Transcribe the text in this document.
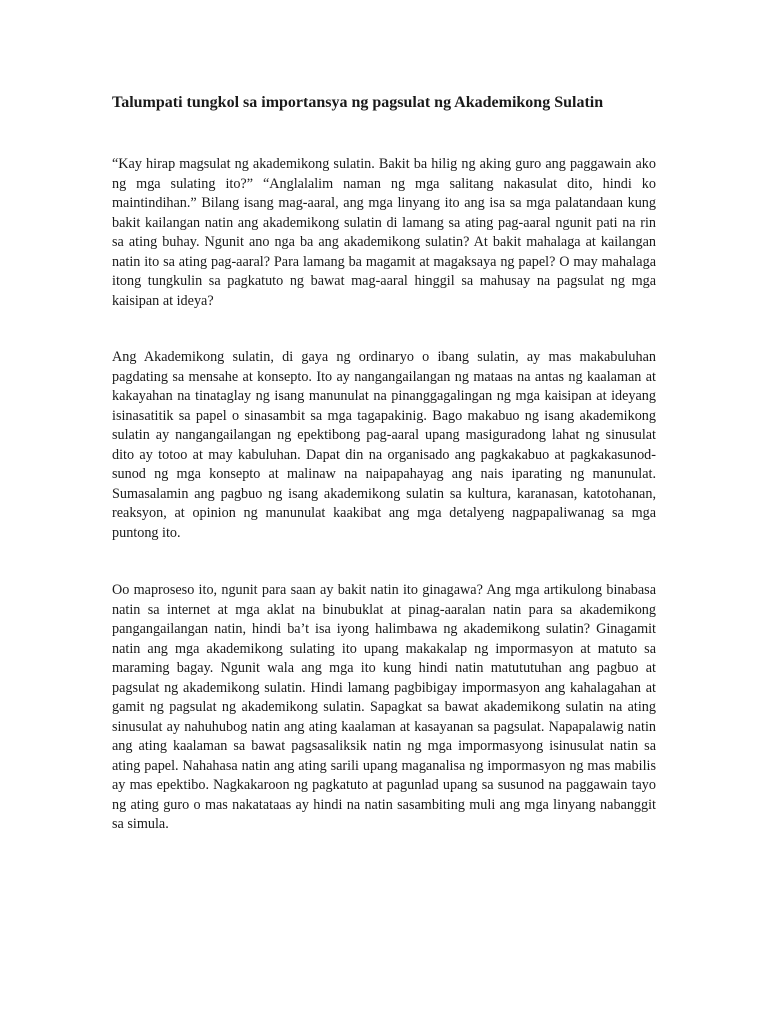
Talumpati tungkol sa importansya ng pagsulat ng Akademikong Sulatin

“Kay hirap magsulat ng akademikong sulatin. Bakit ba hilig ng aking guro ang paggawain ako ng mga sulating ito?” “Anglalalim naman ng mga salitang nakasulat dito, hindi ko maintindihan.” Bilang isang mag-aaral, ang mga linyang ito ang isa sa mga palatandaan kung bakit kailangan natin ang akademikong sulatin di lamang sa ating pag-aaral ngunit pati na rin sa ating buhay. Ngunit ano nga ba ang akademikong sulatin? At bakit mahalaga at kailangan natin ito sa ating pag-aaral? Para lamang ba magamit at magaksaya ng papel? O may mahalaga itong tungkulin sa pagkatuto ng bawat mag-aaral hinggil sa mahusay na pagsulat ng mga kaisipan at ideya?

Ang Akademikong sulatin, di gaya ng ordinaryo o ibang sulatin, ay mas makabuluhan pagdating sa mensahe at konsepto. Ito ay nangangailangan ng mataas na antas ng kaalaman at kakayahan na tinataglay ng isang manunulat na pinanggagalingan ng mga kaisipan at ideyang isinasatitik sa papel o sinasambit sa mga tagapakinig. Bago makabuo ng isang akademikong sulatin ay nangangailangan ng epektibong pag-aaral upang masiguradong lahat ng sinusulat dito ay totoo at may kabuluhan. Dapat din na organisado ang pagkakabuo at pagkakasunod-sunod ng mga konsepto at malinaw na naipapahayag ang nais iparating ng manunulat. Sumasalamin ang pagbuo ng isang akademikong sulatin sa kultura, karanasan, katotohanan, reaksyon, at opinion ng manunulat kaakibat ang mga detalyeng nagpapaliwanag sa mga puntong ito.

Oo maproseso ito, ngunit para saan ay bakit natin ito ginagawa? Ang mga artikulong binabasa natin sa internet at mga aklat na binubuklat at pinag-aaralan natin para sa akademikong pangangailangan natin, hindi ba’t isa iyong halimbawa ng akademikong sulatin? Ginagamit natin ang mga akademikong sulating ito upang makakalap ng impormasyon at matuto sa maraming bagay. Ngunit wala ang mga ito kung hindi natin matututuhan ang pagbuo at pagsulat ng akademikong sulatin. Hindi lamang pagbibigay impormasyon ang kahalagahan at gamit ng pagsulat ng akademikong sulatin. Sapagkat sa bawat akademikong sulatin na ating sinusulat ay nahuhubog natin ang ating kaalaman at kasayanan sa pagsulat. Napapalawig natin ang ating kaalaman sa bawat pagsasaliksik natin ng mga impormasyong isinusulat natin sa ating papel. Nahahasa natin ang ating sarili upang maganalisa ng impormasyon ng mas mabilis ay mas epektibo. Nagkakaroon ng pagkatuto at pagunlad upang sa susunod na paggawain tayo ng ating guro o mas nakatataas ay hindi na natin sasambiting muli ang mga linyang nabanggit sa simula.
